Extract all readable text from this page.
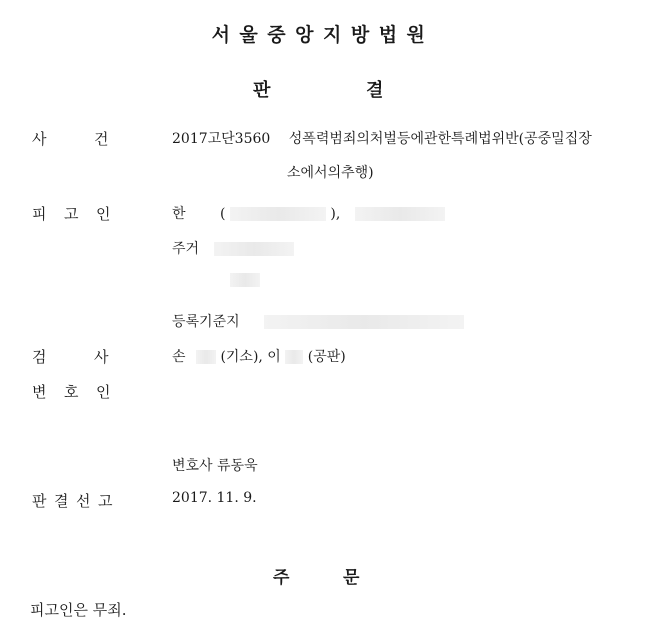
서울중앙지방법원
판	결
사	건	2017고단3560 성폭력범죄의처벌등에관한특례법위반(공중밀집장
소에서의추행)
피 고 인	한 (	),
주거
등록기준지
검	사	손 (기소), 이 (공판)
변 호 인
변호사 류동욱
판 결 선 고	2017. 11. 9.
주	문
피고인은 무죄.
